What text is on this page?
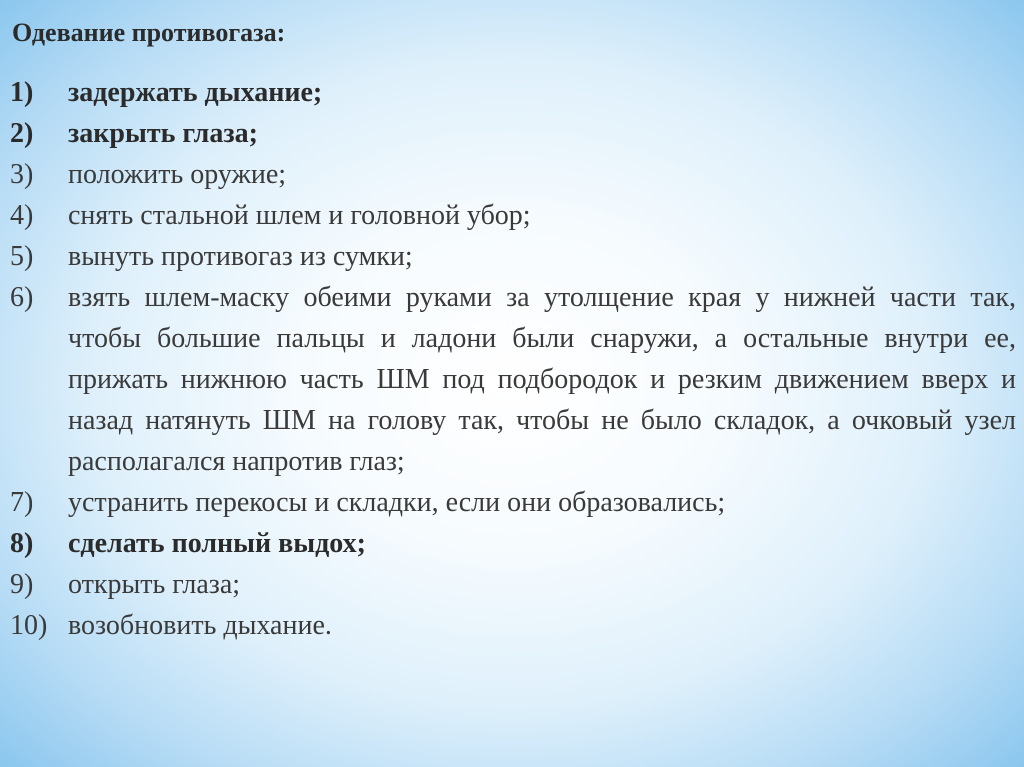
Одевание противогаза:
1)	задержать дыхание;
2)	закрыть глаза;
3)	положить оружие;
4)	снять стальной шлем и головной убор;
5)	вынуть противогаз из сумки;
6)	взять шлем-маску обеими руками за утолщение края у нижней части так, чтобы большие пальцы и ладони были снаружи, а остальные внутри ее, прижать нижнюю часть ШМ под подбородок и резким движением вверх и назад натянуть ШМ на голову так, чтобы не было складок, а очковый узел располагался напротив глаз;
7)	устранить перекосы и складки, если они образовались;
8)	сделать полный выдох;
9)	открыть глаза;
10) возобновить дыхание.
